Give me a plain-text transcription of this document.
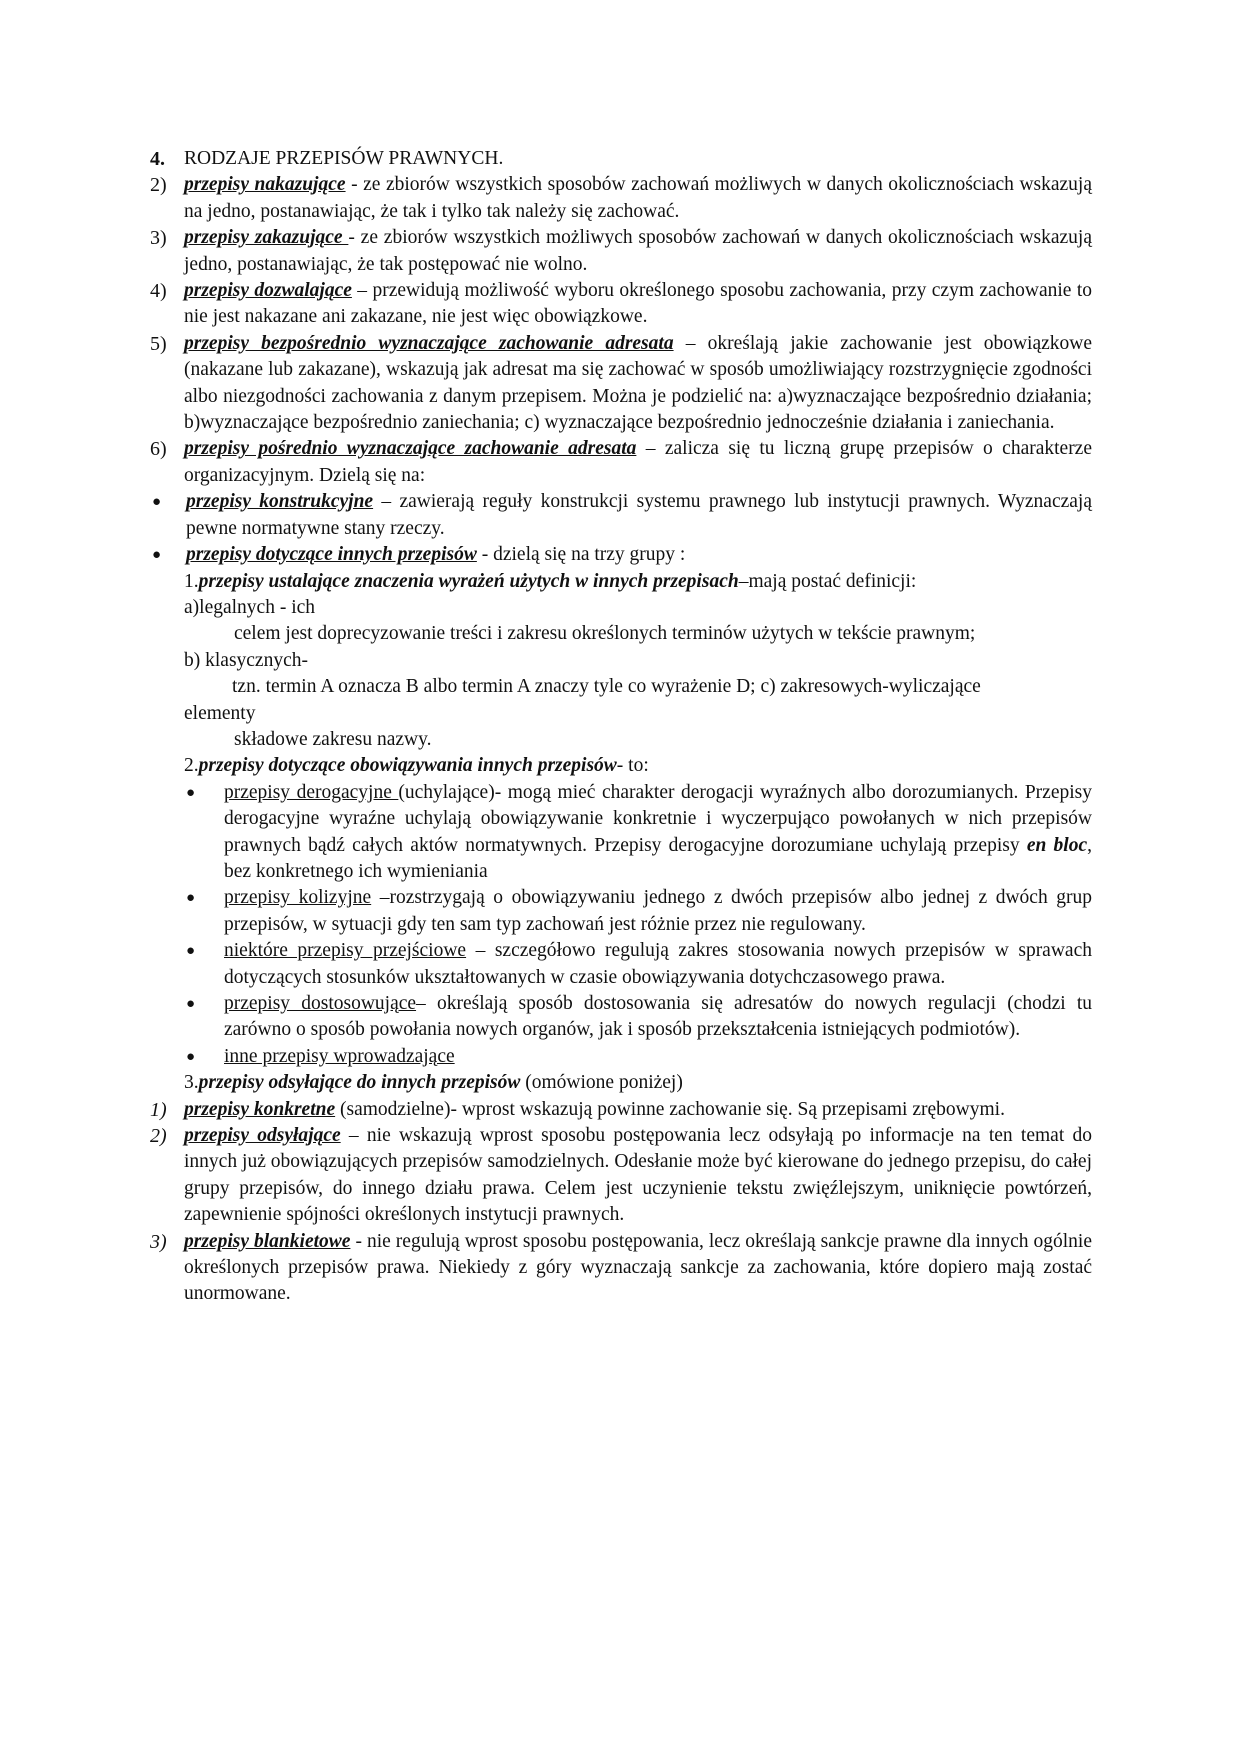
4. RODZAJE PRZEPISÓW PRAWNYCH.
2) przepisy nakazujące - ze zbiorów wszystkich sposobów zachowań możliwych w danych okolicznościach wskazują na jedno, postanawiając, że tak i tylko tak należy się zachować.
3) przepisy zakazujące - ze zbiorów wszystkich możliwych sposobów zachowań w danych okolicznościach wskazują jedno, postanawiając, że tak postępować nie wolno.
4) przepisy dozwalające – przewidują możliwość wyboru określonego sposobu zachowania, przy czym zachowanie to nie jest nakazane ani zakazane, nie jest więc obowiązkowe.
5) przepisy bezpośrednio wyznaczające zachowanie adresata – określają jakie zachowanie jest obowiązkowe (nakazane lub zakazane), wskazują jak adresat ma się zachować w sposób umożliwiający rozstrzygnięcie zgodności albo niezgodności zachowania z danym przepisem. Można je podzielić na: a)wyznaczające bezpośrednio działania; b)wyznaczające bezpośrednio zaniechania; c) wyznaczające bezpośrednio jednocześnie działania i zaniechania.
6) przepisy pośrednio wyznaczające zachowanie adresata – zalicza się tu liczną grupę przepisów o charakterze organizacyjnym. Dzielą się na:
●	przepisy konstrukcyjne – zawierają reguły konstrukcji systemu prawnego lub instytucji prawnych. Wyznaczają pewne normatywne stany rzeczy.
●	przepisy dotyczące innych przepisów - dzielą się na trzy grupy :
1.przepisy ustalające znaczenia wyrażeń użytych w innych przepisach–mają postać definicji:
a)legalnych - ich
celem jest doprecyzowanie treści i zakresu określonych terminów użytych w tekście prawnym;
b) klasycznych-
tzn. termin A oznacza B albo termin A znaczy tyle co wyrażenie D; c) zakresowych-wyliczające
elementy
składowe zakresu nazwy.
2.przepisy dotyczące obowiązywania innych przepisów- to:
●	przepisy derogacyjne (uchylające)- mogą mieć charakter derogacji wyraźnych albo dorozumianych. Przepisy derogacyjne wyraźne uchylają obowiązywanie konkretnie i wyczerpująco powołanych w nich przepisów prawnych bądź całych aktów normatywnych. Przepisy derogacyjne dorozumiane uchylają przepisy en bloc, bez konkretnego ich wymieniania
●	przepisy kolizyjne –rozstrzygają o obowiązywaniu jednego z dwóch przepisów albo jednej z dwóch grup przepisów, w sytuacji gdy ten sam typ zachowań jest różnie przez nie regulowany.
●	niektóre przepisy przejściowe – szczegółowo regulują zakres stosowania nowych przepisów w sprawach dotyczących stosunków ukształtowanych w czasie obowiązywania dotychczasowego prawa.
●	przepisy dostosowujące– określają sposób dostosowania się adresatów do nowych regulacji (chodzi tu zarówno o sposób powołania nowych organów, jak i sposób przekształcenia istniejących podmiotów).
●	inne przepisy wprowadzające
3.przepisy odsyłające do innych przepisów (omówione poniżej)
1) przepisy konkretne (samodzielne)- wprost wskazują powinne zachowanie się. Są przepisami zrębowymi.
2) przepisy odsyłające – nie wskazują wprost sposobu postępowania lecz odsyłają po informacje na ten temat do innych już obowiązujących przepisów samodzielnych. Odesłanie może być kierowane do jednego przepisu, do całej grupy przepisów, do innego działu prawa. Celem jest uczynienie tekstu zwięźlejszym, uniknięcie powtórzeń, zapewnienie spójności określonych instytucji prawnych.
3) przepisy blankietowe - nie regulują wprost sposobu postępowania, lecz określają sankcje prawne dla innych ogólnie określonych przepisów prawa. Niekiedy z góry wyznaczają sankcje za zachowania, które dopiero mają zostać unormowane.
